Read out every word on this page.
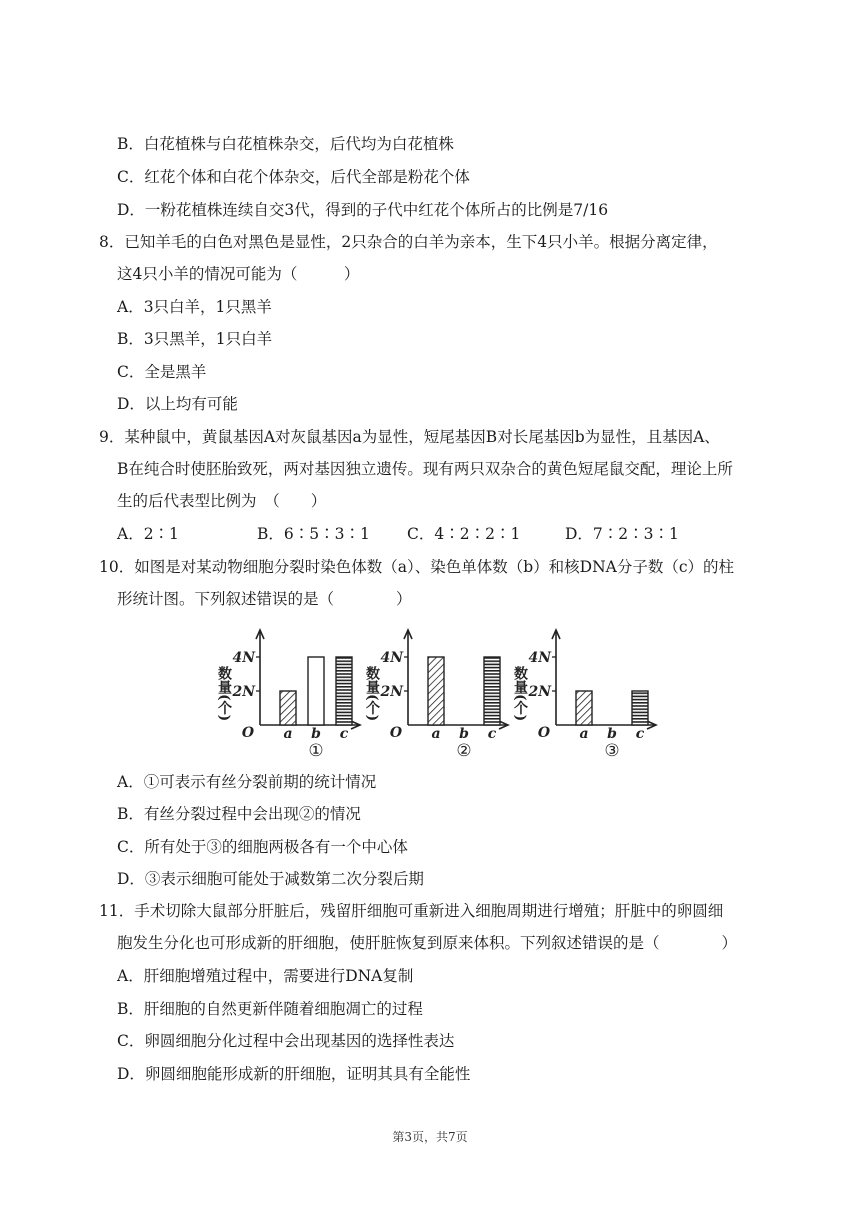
B．白花植株与白花植株杂交，后代均为白花植株
C．红花个体和白花个体杂交，后代全部是粉花个体
D．一粉花植株连续自交3代，得到的子代中红花个体所占的比例是7/16
8．已知羊毛的白色对黑色是显性，2只杂合的白羊为亲本，生下4只小羊。根据分离定律，
这4只小羊的情况可能为（　　　）
A．3只白羊，1只黑羊
B．3只黑羊，1只白羊
C．全是黑羊
D．以上均有可能
9．某种鼠中，黄鼠基因A对灰鼠基因a为显性，短尾基因B对长尾基因b为显性，且基因A、
B在纯合时使胚胎致死，两对基因独立遗传。现有两只双杂合的黄色短尾鼠交配，理论上所
生的后代表型比例为　（　　）
A．2∶1	B．6∶5∶3∶1 C．4∶2∶2∶1	D．7∶2∶3∶1
10．如图是对某动物细胞分裂时染色体数（a）、染色单体数（b）和核DNA分子数（c）的柱
形统计图。下列叙述错误的是（　　　　）
数量(个) 2N
4N
O a b c
①
数量(个) 2N
4N
O a b c
②
数量(个) 2N
4N
O a b c
③
A．①可表示有丝分裂前期的统计情况
B．有丝分裂过程中会出现②的情况
C．所有处于③的细胞两极各有一个中心体
D．③表示细胞可能处于减数第二次分裂后期
11．手术切除大鼠部分肝脏后，残留肝细胞可重新进入细胞周期进行增殖；肝脏中的卵圆细
胞发生分化也可形成新的肝细胞，使肝脏恢复到原来体积。下列叙述错误的是（　　　　）
A．肝细胞增殖过程中，需要进行DNA复制
B．肝细胞的自然更新伴随着细胞凋亡的过程
C．卵圆细胞分化过程中会出现基因的选择性表达
D．卵圆细胞能形成新的肝细胞，证明其具有全能性
第3页，共7页
